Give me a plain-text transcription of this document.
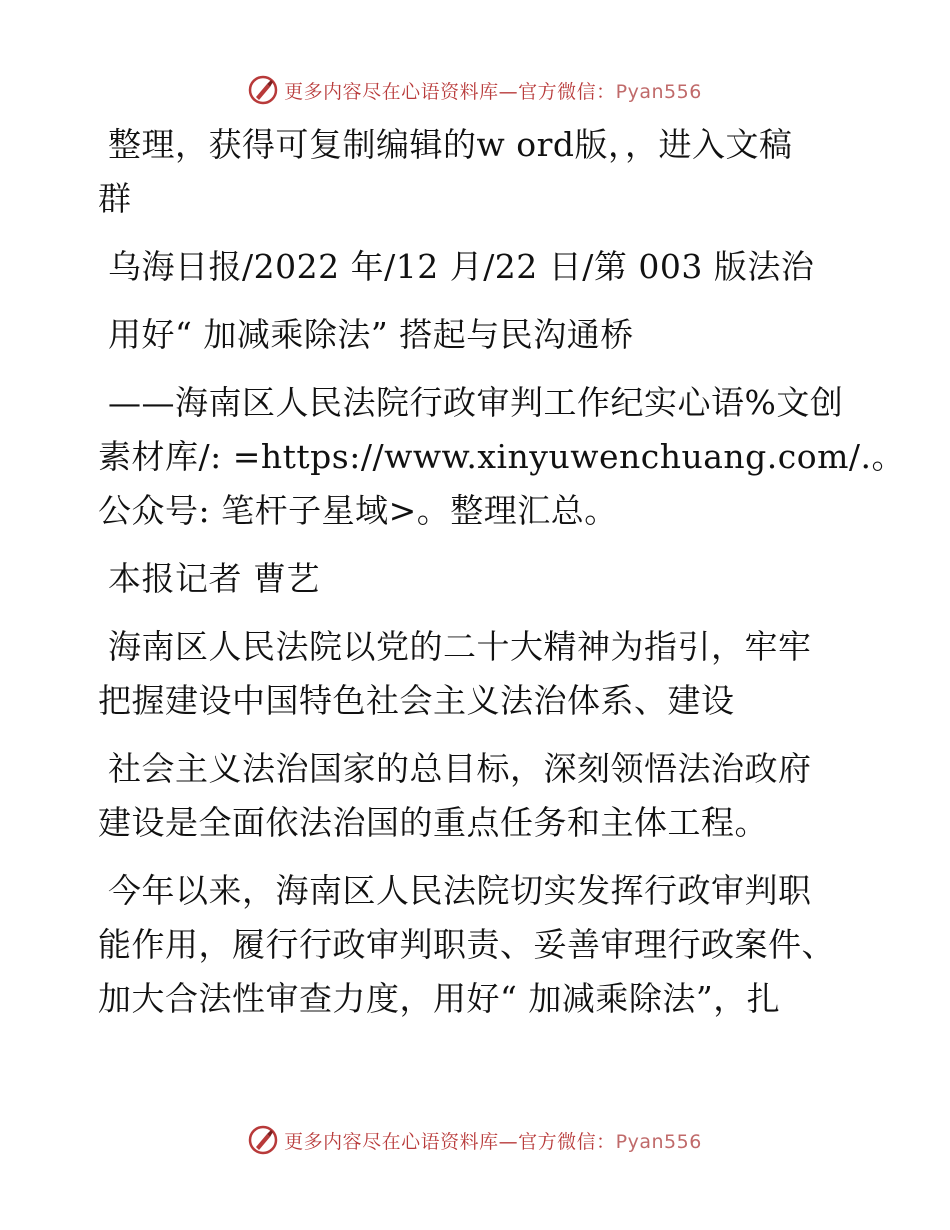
更多内容尽在心语资料库—官方微信：Pyan556
整理，获得可复制编辑的w ord版，，进入文稿
群
乌海日报/2022 年/12 月/22 日/第 003 版法治
用好“ 加减乘除法” 搭起与民沟通桥
——海南区人民法院行政审判工作纪实心语%文创
素材库/: =https://www.xinyuwenchuang.com/.。
公众号: 笔杆子星域>。整理汇总。
本报记者 曹艺
海南区人民法院以党的二十大精神为指引，牢牢
把握建设中国特色社会主义法治体系、建设
社会主义法治国家的总目标，深刻领悟法治政府
建设是全面依法治国的重点任务和主体工程。
今年以来，海南区人民法院切实发挥行政审判职
能作用，履行行政审判职责、妥善审理行政案件、
加大合法性审查力度，用好“ 加减乘除法”，扎
更多内容尽在心语资料库—官方微信：Pyan556
